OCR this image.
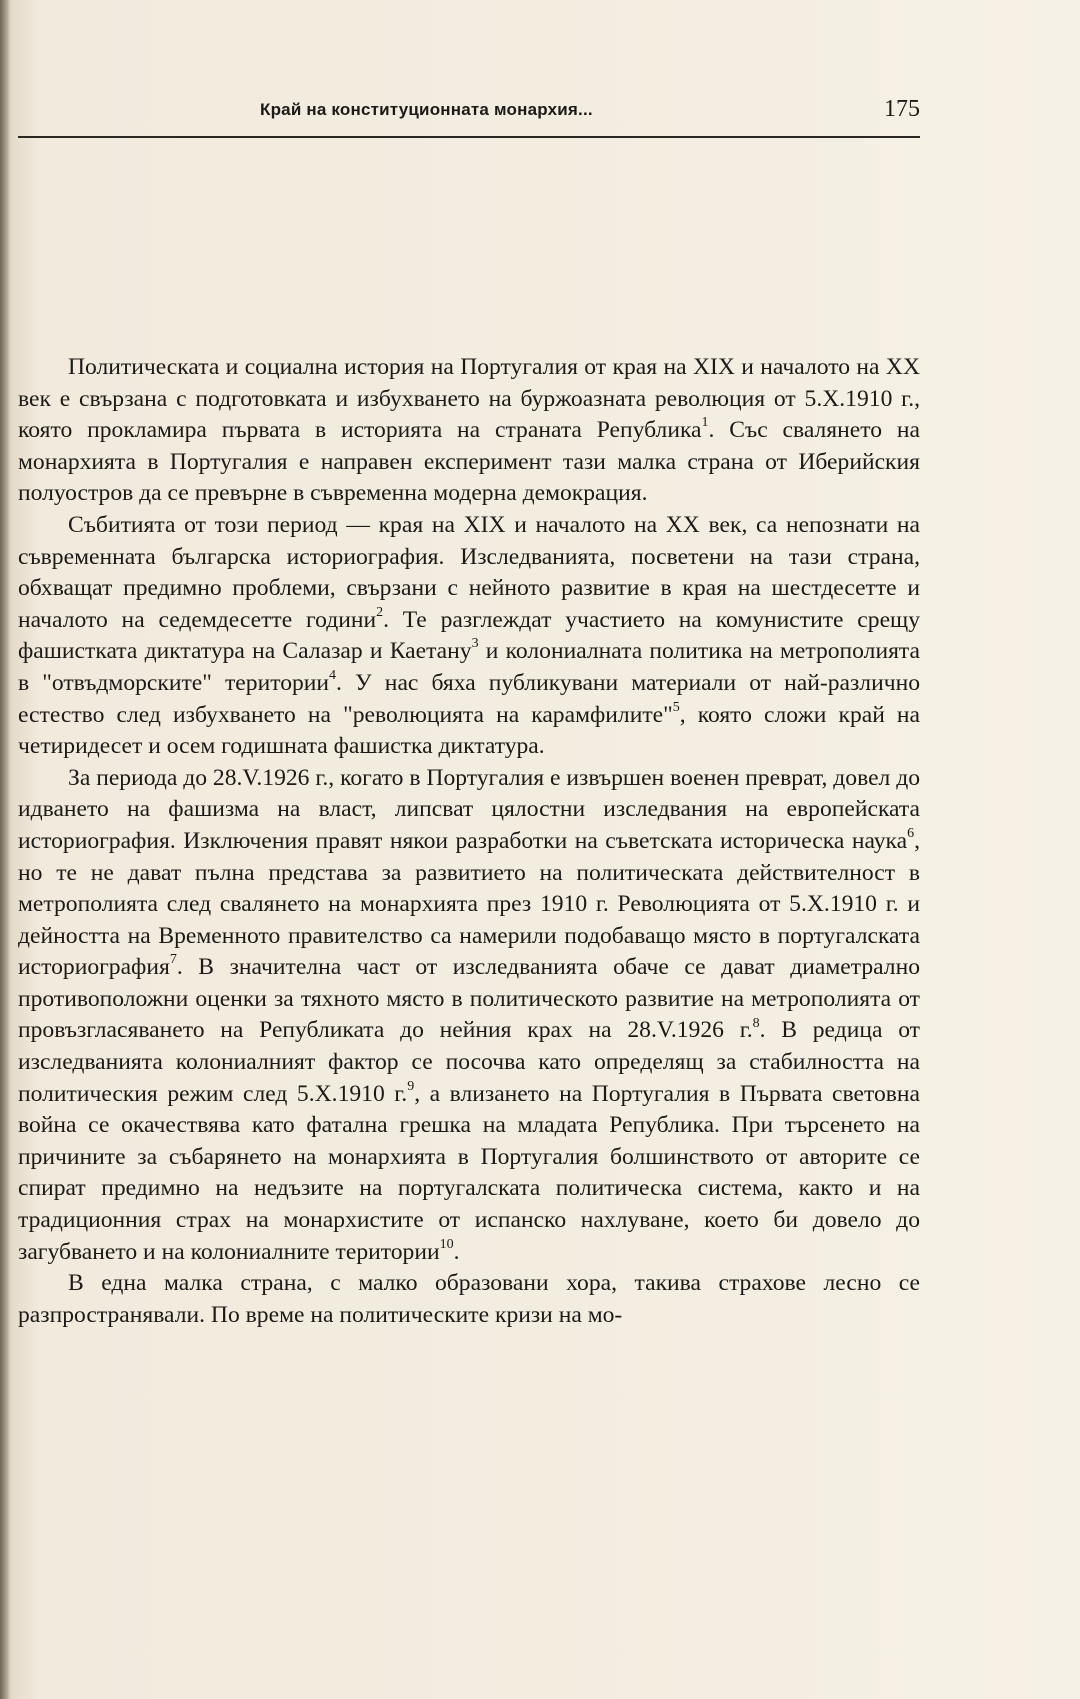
Край на конституционната монархия...	175

Политическата и социална история на Португалия от края на XIX и началото на XX век е свързана с подготовката и избухването на буржоазната революция от 5.X.1910 г., която прокламира първата в историята на страната Република$^1$. Със свалянето на монархията в Португалия е направен експеримент тази малка страна от Иберийския полуостров да се превърне в съвременна модерна демокрация.

Събитията от този период — края на XIX и началото на XX век, са непознати на съвременната българска историография. Изследванията, посветени на тази страна, обхващат предимно проблеми, свързани с нейното развитие в края на шестдесетте и началото на седемдесетте години$^2$. Те разглеждат участието на комунистите срещу фашистката диктатура на Салазар и Каетану$^3$ и колониалната политика на метрополията в "отвъдморските" територии$^4$. У нас бяха публикувани материали от най-различно естество след избухването на "революцията на карамфилите"$^5$, която сложи край на четиридесет и осем годишната фашистка диктатура.

За периода до 28.V.1926 г., когато в Португалия е извършен военен преврат, довел до идването на фашизма на власт, липсват цялостни изследвания на европейската историография. Изключения правят някои разработки на съветската историческа наука$^6$, но те не дават пълна представа за развитието на политическата действителност в метрополията след свалянето на монархията през 1910 г. Революцията от 5.X.1910 г. и дейността на Временното правителство са намерили подобаващо място в португалската историография$^7$. В значителна част от изследванията обаче се дават диаметрално противоположни оценки за тяхното място в политическото развитие на метрополията от провъзгласяването на Републиката до нейния крах на 28.V.1926 г.$^8$. В редица от изследванията колониалният фактор се посочва като определящ за стабилността на политическия режим след 5.X.1910 г.$^9$, а влизането на Португалия в Първата световна война се окачествява като фатална грешка на младата Република. При търсенето на причините за събарянето на монархията в Португалия болшинството от авторите се спират предимно на недъзите на португалската политическа система, както и на традиционния страх на монархистите от испанско нахлуване, което би довело до загубването и на колониалните територии$^{10}$.

В една малка страна, с малко образовани хора, такива страхове лесно се разпространявали. По време на политическите кризи на мо-
